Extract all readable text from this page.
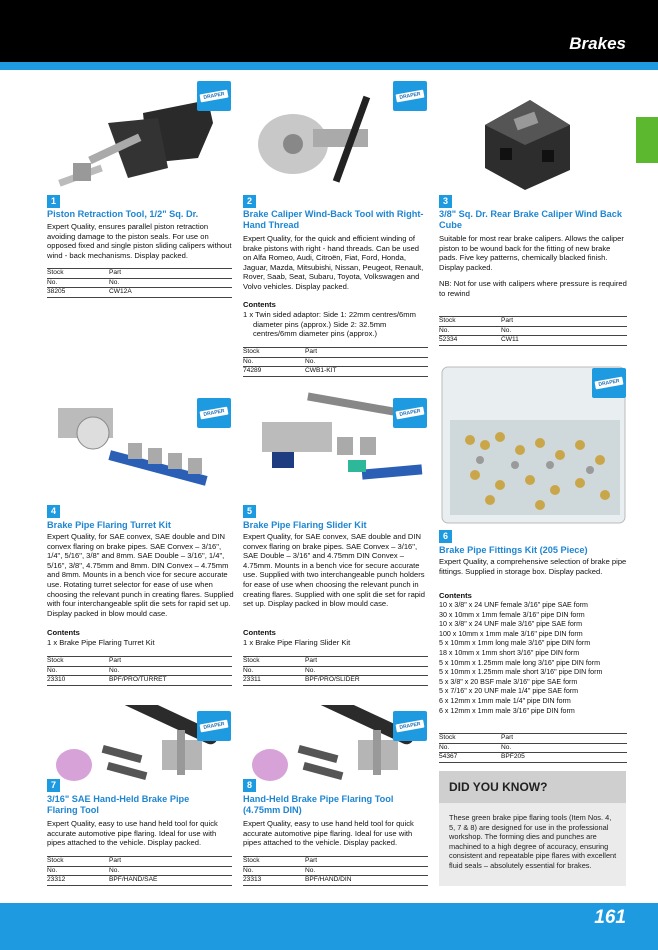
Brakes
DRAPER
1
Piston Retraction Tool, 1/2" Sq. Dr.
Expert Quality, ensures parallel piston retraction avoiding damage to the piston seals. For use on opposed fixed and single piston sliding calipers without wind - back mechanisms. Display packed.
Stock	Part
No.	No.
38205	CW12A
DRAPER
2
Brake Caliper Wind-Back Tool with Right-Hand Thread
Expert Quality, for the quick and efficient winding of brake pistons with right - hand threads. Can be used on Alfa Romeo, Audi, Citroën, Fiat, Ford, Honda, Jaguar, Mazda, Mitsubishi, Nissan, Peugeot, Renault, Rover, Saab, Seat, Subaru, Toyota, Volkswagen and Volvo vehicles. Display packed.
Contents
1 x Twin sided adaptor: Side 1: 22mm centres/6mm diameter pins (approx.) Side 2: 32.5mm centres/6mm diameter pins (approx.)
Stock	Part
No.	No.
74289	CWB1-KIT
3
3/8" Sq. Dr. Rear Brake Caliper Wind Back Cube
Suitable for most rear brake calipers. Allows the caliper piston to be wound back for the fitting of new brake pads. Five key patterns, chemically blacked finish. Display packed.
NB: Not for use with calipers where pressure is required to rewind
Stock	Part
No.	No.
52334	CW11
DRAPER
4
Brake Pipe Flaring Turret Kit
Expert Quality, for SAE convex, SAE double and DIN convex flaring on brake pipes. SAE Convex – 3/16", 1/4", 5/16", 3/8" and 8mm. SAE Double – 3/16", 1/4", 5/16", 3/8", 4.75mm and 8mm. DIN Convex – 4.75mm and 8mm. Mounts in a bench vice for secure accurate use. Rotating turret selector for ease of use when choosing the relevant punch in creating flares. Supplied with four interchangeable split die sets for rapid set up. Display packed in blow mould case.
Contents
1 x Brake Pipe Flaring Turret Kit
Stock	Part
No.	No.
23310	BPF/PRO/TURRET
DRAPER
5
Brake Pipe Flaring Slider Kit
Expert Quality, for SAE convex, SAE double and DIN convex flaring on brake pipes. SAE Convex – 3/16", SAE Double – 3/16" and 4.75mm DIN Convex – 4.75mm. Mounts in a bench vice for secure accurate use. Supplied with two interchangeable punch holders for ease of use when choosing the relevant punch in creating flares. Supplied with one split die set for rapid set up. Display packed in blow mould case.
Contents
1 x Brake Pipe Flaring Slider Kit
Stock	Part
No.	No.
23311	BPF/PRO/SLIDER
DRAPER
6
Brake Pipe Fittings Kit (205 Piece)
Expert Quality, a comprehensive selection of brake pipe fittings. Supplied in storage box. Display packed.
Contents
10 x 3/8" x 24 UNF female 3/16" pipe SAE form
30 x 10mm x 1mm female 3/16" pipe DIN form
10 x 3/8" x 24 UNF male 3/16" pipe SAE form
100 x 10mm x 1mm male 3/16" pipe DIN form
5 x 10mm x 1mm long male 3/16" pipe DIN form
18 x 10mm x 1mm short 3/16" pipe DIN form
5 x 10mm x 1.25mm male long 3/16" pipe DIN form
5 x 10mm x 1.25mm male short 3/16" pipe DIN form
5 x 3/8" x 20 BSF male 3/16" pipe SAE form
5 x 7/16" x 20 UNF male 1/4" pipe SAE form
6 x 12mm x 1mm male 1/4" pipe DIN form
6 x 12mm x 1mm male 3/16" pipe DIN form
Stock	Part
No.	No.
54367	BPF205
DRAPER
7
3/16" SAE Hand-Held Brake Pipe Flaring Tool
Expert Quality, easy to use hand held tool for quick accurate automotive pipe flaring. Ideal for use with pipes attached to the vehicle. Display packed.
Stock	Part
No.	No.
23312	BPF/HAND/SAE
DRAPER
8
Hand-Held Brake Pipe Flaring Tool (4.75mm DIN)
Expert Quality, easy to use hand held tool for quick accurate automotive pipe flaring. Ideal for use with pipes attached to the vehicle. Display packed.
Stock	Part
No.	No.
23313	BPF/HAND/DIN
DID YOU KNOW?
These green brake pipe flaring tools (Item Nos. 4, 5, 7 & 8) are designed for use in the professional workshop. The forming dies and punches are machined to a high degree of accuracy, ensuring consistent and repeatable pipe flares with excellent fluid seals – absolutely essential for brakes.
161
